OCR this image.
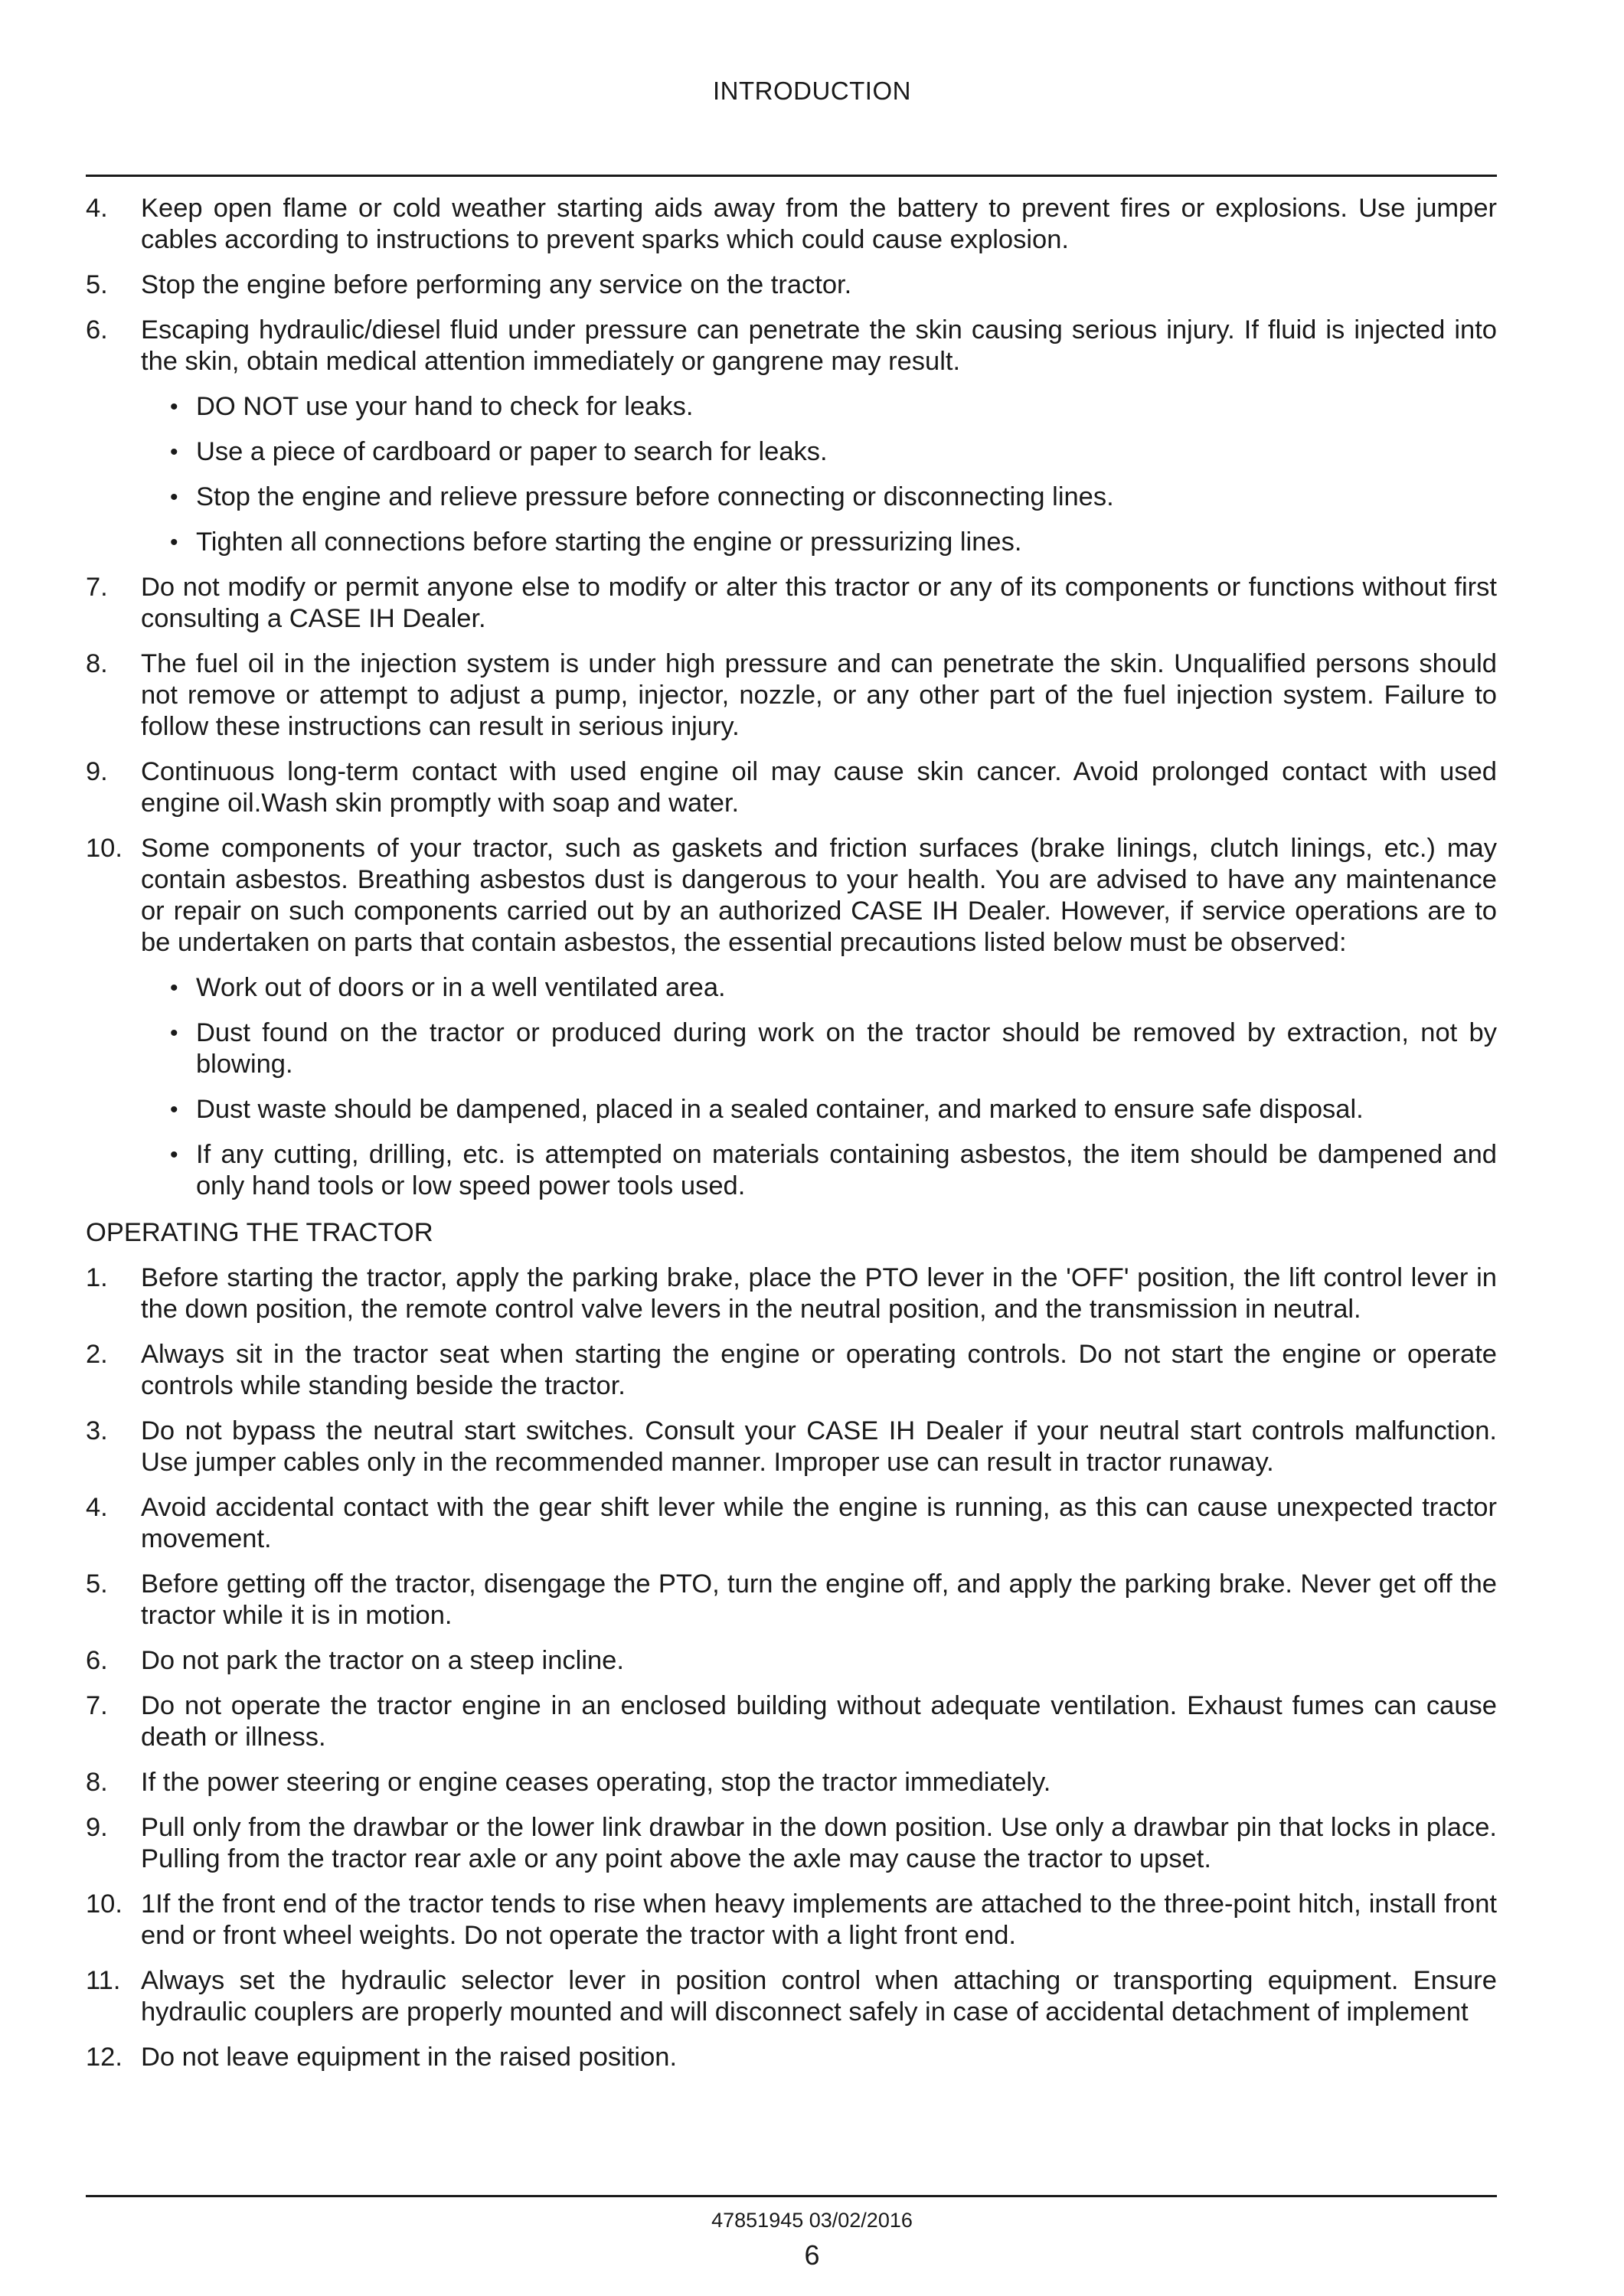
INTRODUCTION
4. Keep open flame or cold weather starting aids away from the battery to prevent fires or explosions. Use jumper cables according to instructions to prevent sparks which could cause explosion.
5. Stop the engine before performing any service on the tractor.
6. Escaping hydraulic/diesel fluid under pressure can penetrate the skin causing serious injury. If fluid is injected into the skin, obtain medical attention immediately or gangrene may result.
• DO NOT use your hand to check for leaks.
• Use a piece of cardboard or paper to search for leaks.
• Stop the engine and relieve pressure before connecting or disconnecting lines.
• Tighten all connections before starting the engine or pressurizing lines.
7. Do not modify or permit anyone else to modify or alter this tractor or any of its components or functions without first consulting a CASE IH Dealer.
8. The fuel oil in the injection system is under high pressure and can penetrate the skin. Unqualified persons should not remove or attempt to adjust a pump, injector, nozzle, or any other part of the fuel injection system. Failure to follow these instructions can result in serious injury.
9. Continuous long-term contact with used engine oil may cause skin cancer. Avoid prolonged contact with used engine oil.Wash skin promptly with soap and water.
10. Some components of your tractor, such as gaskets and friction surfaces (brake linings, clutch linings, etc.) may contain asbestos. Breathing asbestos dust is dangerous to your health. You are advised to have any maintenance or repair on such components carried out by an authorized CASE IH Dealer. However, if service operations are to be undertaken on parts that contain asbestos, the essential precautions listed below must be observed:
• Work out of doors or in a well ventilated area.
• Dust found on the tractor or produced during work on the tractor should be removed by extraction, not by blowing.
• Dust waste should be dampened, placed in a sealed container, and marked to ensure safe disposal.
• If any cutting, drilling, etc. is attempted on materials containing asbestos, the item should be dampened and only hand tools or low speed power tools used.
OPERATING THE TRACTOR
1. Before starting the tractor, apply the parking brake, place the PTO lever in the 'OFF' position, the lift control lever in the down position, the remote control valve levers in the neutral position, and the transmission in neutral.
2. Always sit in the tractor seat when starting the engine or operating controls. Do not start the engine or operate controls while standing beside the tractor.
3. Do not bypass the neutral start switches. Consult your CASE IH Dealer if your neutral start controls malfunction. Use jumper cables only in the recommended manner. Improper use can result in tractor runaway.
4. Avoid accidental contact with the gear shift lever while the engine is running, as this can cause unexpected tractor movement.
5. Before getting off the tractor, disengage the PTO, turn the engine off, and apply the parking brake. Never get off the tractor while it is in motion.
6. Do not park the tractor on a steep incline.
7. Do not operate the tractor engine in an enclosed building without adequate ventilation. Exhaust fumes can cause death or illness.
8. If the power steering or engine ceases operating, stop the tractor immediately.
9. Pull only from the drawbar or the lower link drawbar in the down position. Use only a drawbar pin that locks in place. Pulling from the tractor rear axle or any point above the axle may cause the tractor to upset.
10. 1If the front end of the tractor tends to rise when heavy implements are attached to the three-point hitch, install front end or front wheel weights. Do not operate the tractor with a light front end.
11. Always set the hydraulic selector lever in position control when attaching or transporting equipment. Ensure hydraulic couplers are properly mounted and will disconnect safely in case of accidental detachment of implement
12. Do not leave equipment in the raised position.
47851945 03/02/2016
6
